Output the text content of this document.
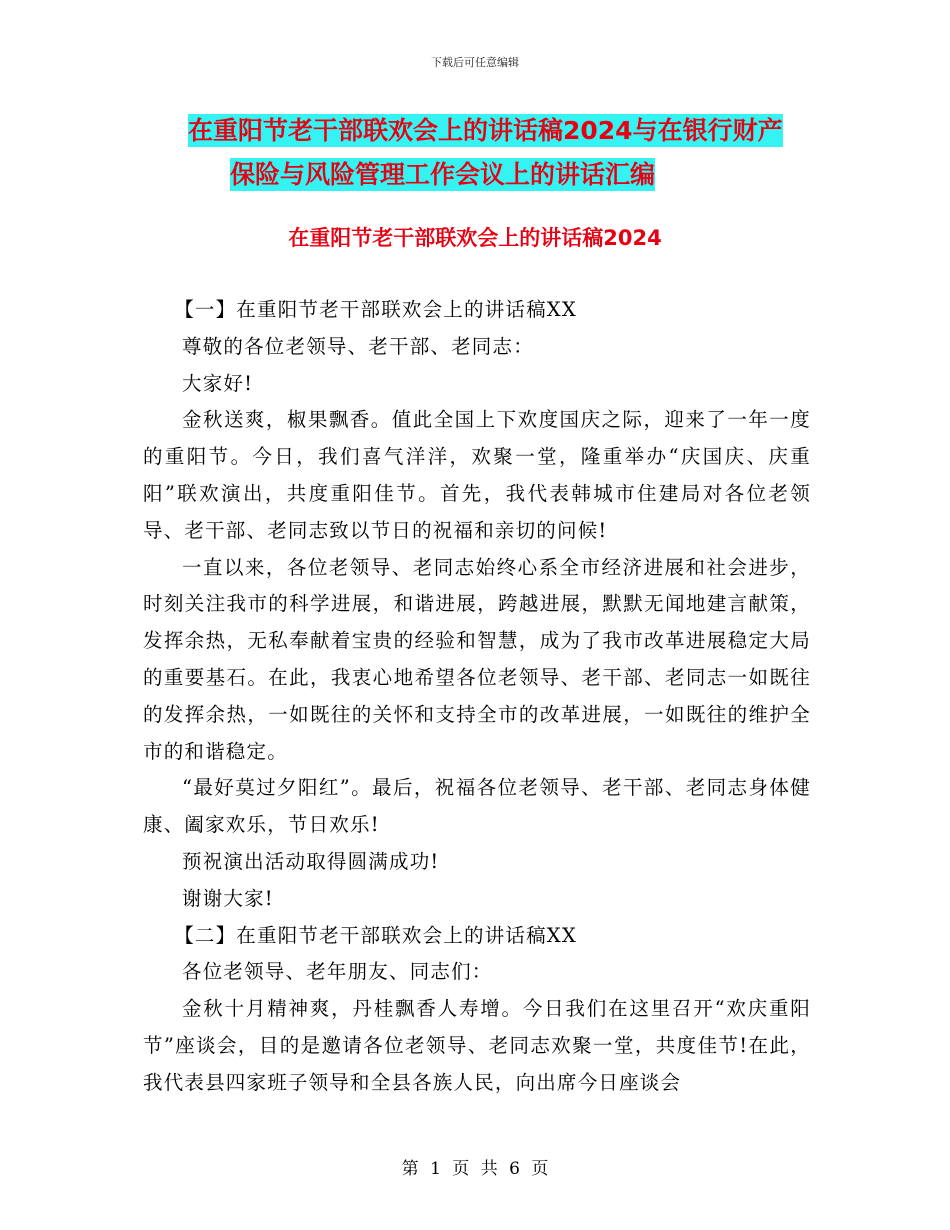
下载后可任意编辑
在重阳节老干部联欢会上的讲话稿2024与在银行财产
保险与风险管理工作会议上的讲话汇编
在重阳节老干部联欢会上的讲话稿2024

【一】在重阳节老干部联欢会上的讲话稿XX

尊敬的各位老领导、老干部、老同志：

大家好!

金秋送爽，椒果飘香。值此全国上下欢度国庆之际，迎来了一年一度的重阳节。今日，我们喜气洋洋，欢聚一堂，隆重举办“庆国庆、庆重阳”联欢演出，共度重阳佳节。首先，我代表韩城市住建局对各位老领导、老干部、老同志致以节日的祝福和亲切的问候!

一直以来，各位老领导、老同志始终心系全市经济进展和社会进步，时刻关注我市的科学进展，和谐进展，跨越进展，默默无闻地建言献策，发挥余热，无私奉献着宝贵的经验和智慧，成为了我市改革进展稳定大局的重要基石。在此，我衷心地希望各位老领导、老干部、老同志一如既往的发挥余热，一如既往的关怀和支持全市的改革进展，一如既往的维护全市的和谐稳定。

“最好莫过夕阳红”。最后，祝福各位老领导、老干部、老同志身体健康、阖家欢乐，节日欢乐!

预祝演出活动取得圆满成功!

谢谢大家!

【二】在重阳节老干部联欢会上的讲话稿XX

各位老领导、老年朋友、同志们：

金秋十月精神爽，丹桂飘香人寿增。今日我们在这里召开“欢庆重阳节”座谈会，目的是邀请各位老领导、老同志欢聚一堂，共度佳节!在此，我代表县四家班子领导和全县各族人民，向出席今日座谈会

第 1 页 共 6 页
